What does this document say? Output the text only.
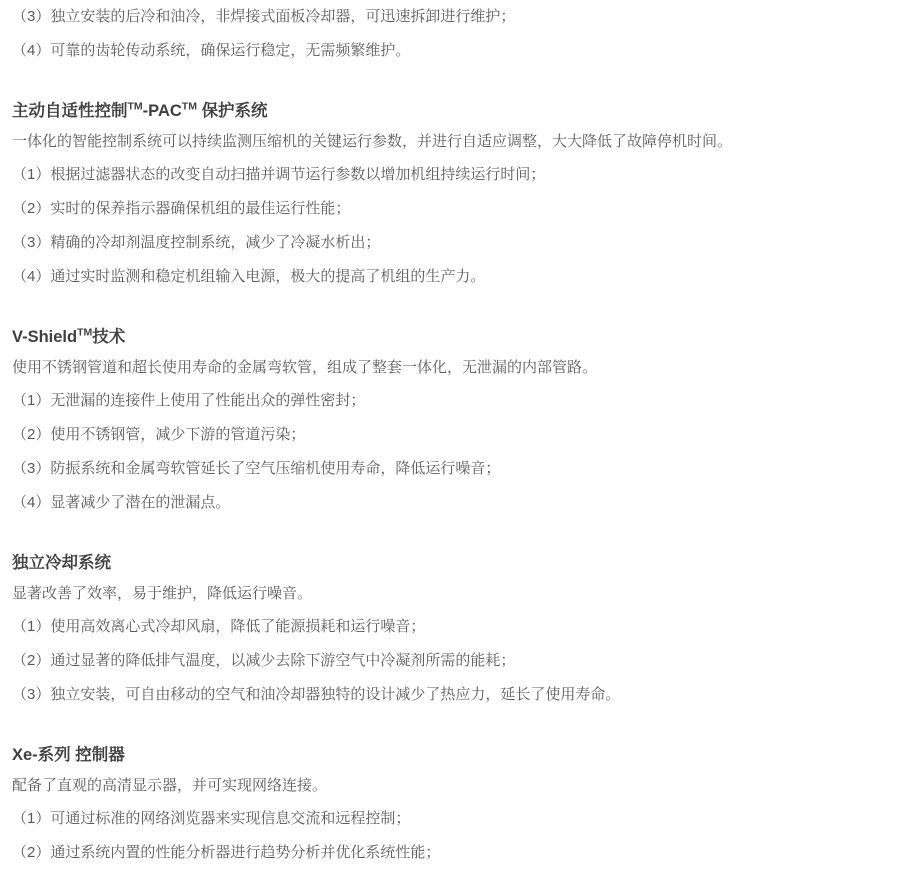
（3）独立安装的后冷和油冷，非焊接式面板冷却器，可迅速拆卸进行维护；

（4）可靠的齿轮传动系统，确保运行稳定，无需频繁维护。

主动自适性控制™-PAC™ 保护系统

一体化的智能控制系统可以持续监测压缩机的关键运行参数，并进行自适应调整，大大降低了故障停机时间。

（1）根据过滤器状态的改变自动扫描并调节运行参数以增加机组持续运行时间；

（2）实时的保养指示器确保机组的最佳运行性能；

（3）精确的冷却剂温度控制系统，减少了冷凝水析出；

（4）通过实时监测和稳定机组输入电源，极大的提高了机组的生产力。

V-Shield™技术

使用不锈钢管道和超长使用寿命的金属弯软管，组成了整套一体化，无泄漏的内部管路。

（1）无泄漏的连接件上使用了性能出众的弹性密封；

（2）使用不锈钢管，减少下游的管道污染；

（3）防振系统和金属弯软管延长了空气压缩机使用寿命，降低运行噪音；

（4）显著减少了潜在的泄漏点。

独立冷却系统

显著改善了效率，易于维护，降低运行噪音。

（1）使用高效离心式冷却风扇，降低了能源损耗和运行噪音；

（2）通过显著的降低排气温度，以减少去除下游空气中冷凝剂所需的能耗；

（3）独立安装，可自由移动的空气和油冷却器独特的设计减少了热应力，延长了使用寿命。

Xe-系列 控制器

配备了直观的高清显示器，并可实现网络连接。

（1）可通过标准的网络浏览器来实现信息交流和远程控制；

（2）通过系统内置的性能分析器进行趋势分析并优化系统性能；
